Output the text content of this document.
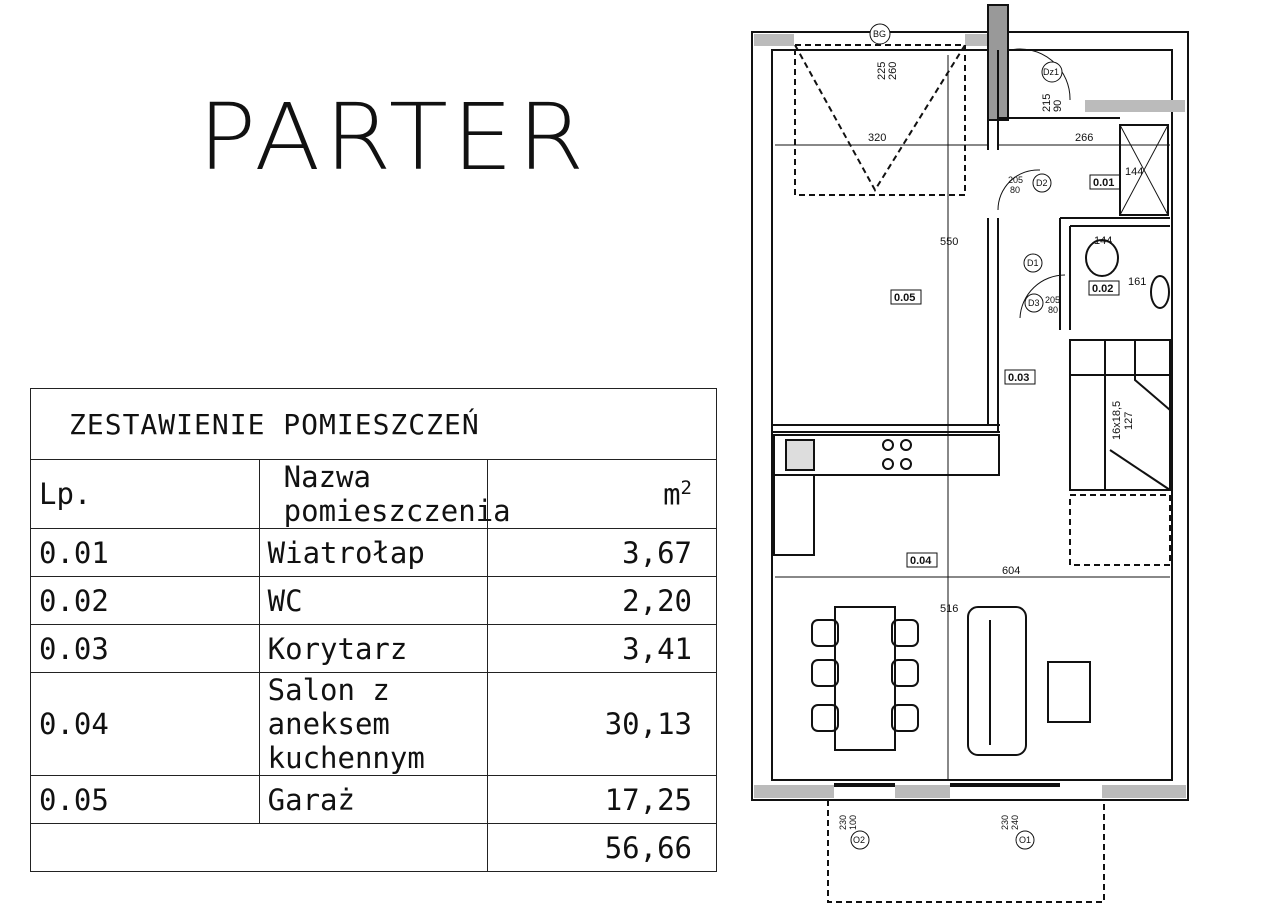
PARTER
ZESTAWIENIE POMIESZCZEŃ		
Lp.	Nazwa pomieszczenia	$m^2$
0.01	Wiatrołap	3,67
0.02	WC	2,20
0.03	Korytarz	3,41
0.04	Salon z aneksem kuchennym	30,13
0.05	Garaż	17,25
		56,66
0.01
0.02
0.03
0.04
0.05
320	266
550
144
161
604
516
144
16x18,5 127
225 260
215 90
BG
Dz1
D2
D1
D3
O2	O1
205
80
205
80
230 100	230 240
